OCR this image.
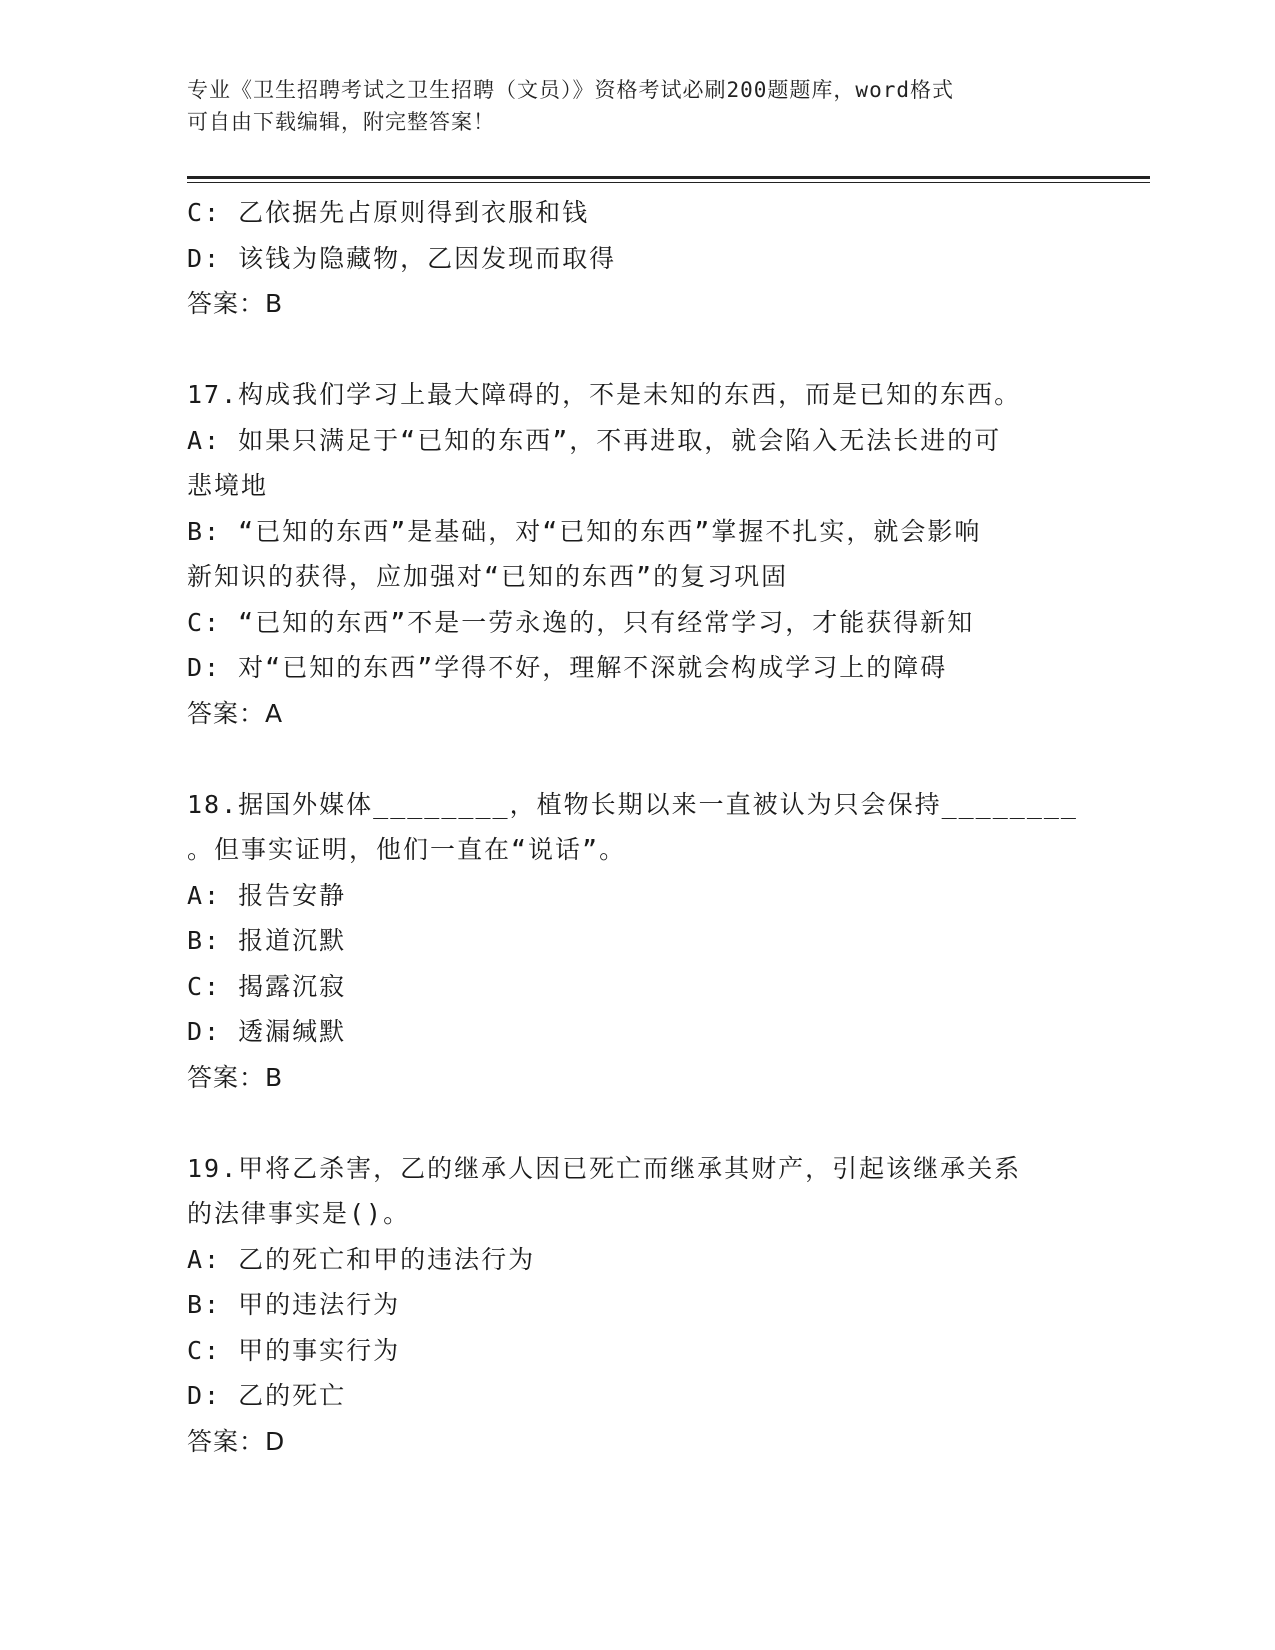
专业《卫生招聘考试之卫生招聘（文员）》资格考试必刷200题题库，word格式

可自由下载编辑，附完整答案！

C: 乙依据先占原则得到衣服和钱

D: 该钱为隐藏物，乙因发现而取得

答案：B

17.构成我们学习上最大障碍的，不是未知的东西，而是已知的东西。

A: 如果只满足于“已知的东西”，不再进取，就会陷入无法长进的可

悲境地

B: “已知的东西”是基础，对“已知的东西”掌握不扎实，就会影响

新知识的获得，应加强对“已知的东西”的复习巩固

C: “已知的东西”不是一劳永逸的，只有经常学习，才能获得新知

D: 对“已知的东西”学得不好，理解不深就会构成学习上的障碍

答案：A

18.据国外媒体________，植物长期以来一直被认为只会保持________

。但事实证明，他们一直在“说话”。

A: 报告安静

B: 报道沉默

C: 揭露沉寂

D: 透漏缄默

答案：B

19.甲将乙杀害，乙的继承人因已死亡而继承其财产，引起该继承关系

的法律事实是()。

A: 乙的死亡和甲的违法行为

B: 甲的违法行为

C: 甲的事实行为

D: 乙的死亡

答案：D
